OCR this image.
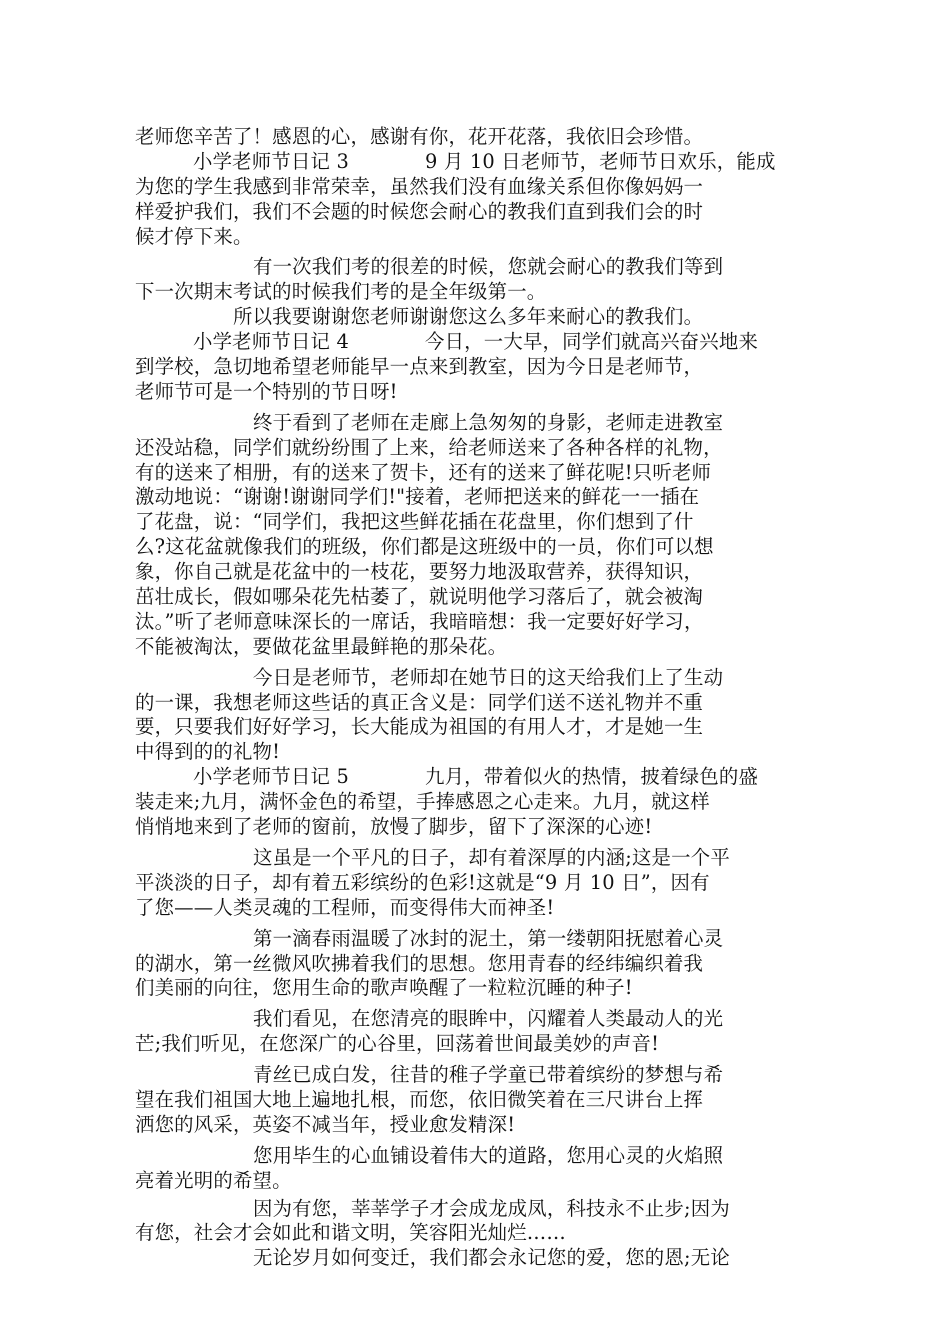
老师您辛苦了！感恩的心，感谢有你，花开花落，我依旧会珍惜。
小学老师节日记 3	9 月 10 日老师节，老师节日欢乐，能成
为您的学生我感到非常荣幸，虽然我们没有血缘关系但你像妈妈一
样爱护我们，我们不会题的时候您会耐心的教我们直到我们会的时
候才停下来。
有一次我们考的很差的时候，您就会耐心的教我们等到
下一次期末考试的时候我们考的是全年级第一。
所以我要谢谢您老师谢谢您这么多年来耐心的教我们。
小学老师节日记 4	今日，一大早，同学们就高兴奋兴地来
到学校，急切地希望老师能早一点来到教室，因为今日是老师节，
老师节可是一个特别的节日呀!
终于看到了老师在走廊上急匆匆的身影，老师走进教室
还没站稳，同学们就纷纷围了上来，给老师送来了各种各样的礼物，
有的送来了相册，有的送来了贺卡，还有的送来了鲜花呢!只听老师
激动地说：“谢谢!谢谢同学们!"接着，老师把送来的鲜花一一插在
了花盘，说：“同学们，我把这些鲜花插在花盘里，你们想到了什
么?这花盆就像我们的班级，你们都是这班级中的一员，你们可以想
象，你自己就是花盆中的一枝花，要努力地汲取营养，获得知识，
茁壮成长，假如哪朵花先枯萎了，就说明他学习落后了，就会被淘
汰。”听了老师意味深长的一席话，我暗暗想：我一定要好好学习，
不能被淘汰，要做花盆里最鲜艳的那朵花。
今日是老师节，老师却在她节日的这天给我们上了生动
的一课，我想老师这些话的真正含义是：同学们送不送礼物并不重
要，只要我们好好学习，长大能成为祖国的有用人才，才是她一生
中得到的的礼物!
小学老师节日记 5	九月，带着似火的热情，披着绿色的盛
装走来;九月，满怀金色的希望，手捧感恩之心走来。九月，就这样
悄悄地来到了老师的窗前，放慢了脚步，留下了深深的心迹!
这虽是一个平凡的日子，却有着深厚的内涵;这是一个平
平淡淡的日子，却有着五彩缤纷的色彩!这就是“9 月 10 日”，因有
了您——人类灵魂的工程师，而变得伟大而神圣!
第一滴春雨温暖了冰封的泥土，第一缕朝阳抚慰着心灵
的湖水，第一丝微风吹拂着我们的思想。您用青春的经纬编织着我
们美丽的向往，您用生命的歌声唤醒了一粒粒沉睡的种子!
我们看见，在您清亮的眼眸中，闪耀着人类最动人的光
芒;我们听见，在您深广的心谷里，回荡着世间最美妙的声音!
青丝已成白发，往昔的稚子学童已带着缤纷的梦想与希
望在我们祖国大地上遍地扎根，而您，依旧微笑着在三尺讲台上挥
洒您的风采，英姿不减当年，授业愈发精深!
您用毕生的心血铺设着伟大的道路，您用心灵的火焰照
亮着光明的希望。
因为有您，莘莘学子才会成龙成凤，科技永不止步;因为
有您，社会才会如此和谐文明，笑容阳光灿烂……
无论岁月如何变迁，我们都会永记您的爱，您的恩;无论
